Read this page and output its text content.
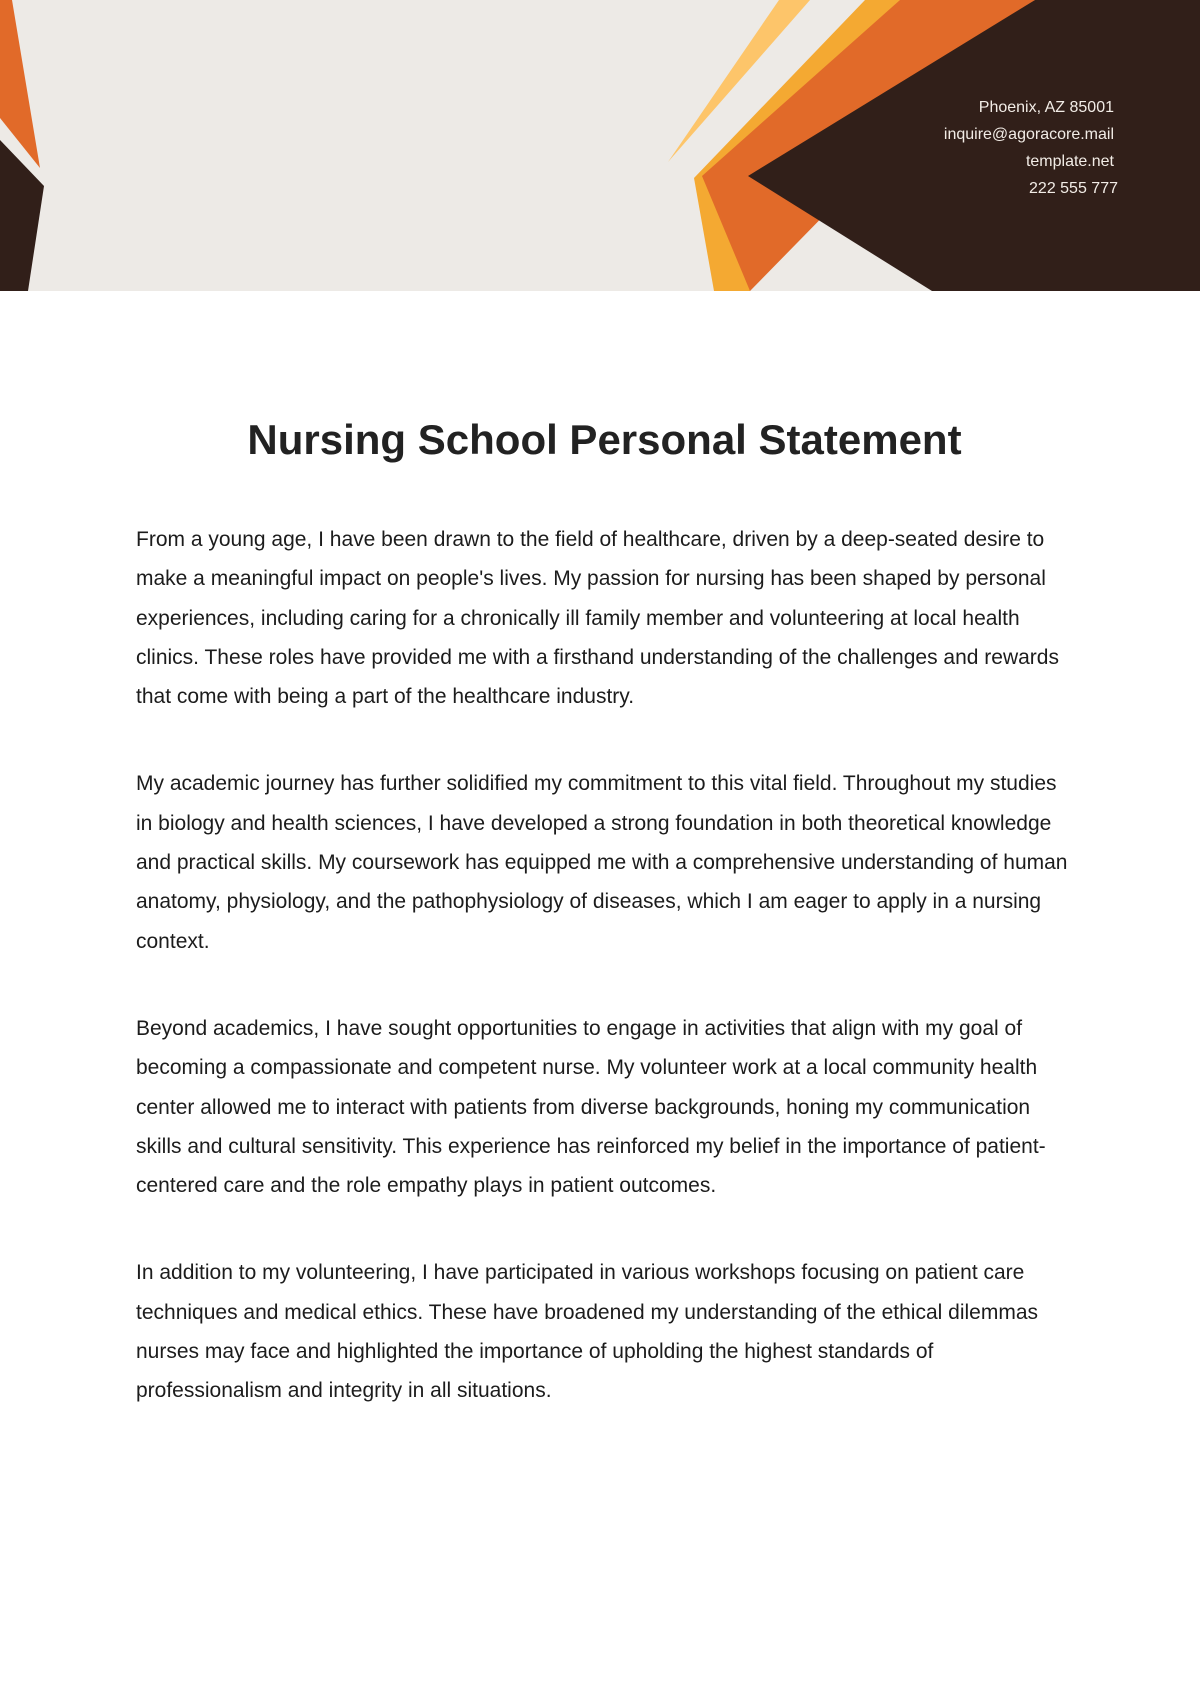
Phoenix, AZ 85001
inquire@agoracore.mail
template.net
222 555 777
Nursing School Personal Statement

From a young age, I have been drawn to the field of healthcare, driven by a deep-seated desire to make a meaningful impact on people's lives. My passion for nursing has been shaped by personal experiences, including caring for a chronically ill family member and volunteering at local health clinics. These roles have provided me with a firsthand understanding of the challenges and rewards that come with being a part of the healthcare industry.

My academic journey has further solidified my commitment to this vital field. Throughout my studies in biology and health sciences, I have developed a strong foundation in both theoretical knowledge and practical skills. My coursework has equipped me with a comprehensive understanding of human anatomy, physiology, and the pathophysiology of diseases, which I am eager to apply in a nursing context.

Beyond academics, I have sought opportunities to engage in activities that align with my goal of becoming a compassionate and competent nurse. My volunteer work at a local community health center allowed me to interact with patients from diverse backgrounds, honing my communication skills and cultural sensitivity. This experience has reinforced my belief in the importance of patient-centered care and the role empathy plays in patient outcomes.

In addition to my volunteering, I have participated in various workshops focusing on patient care techniques and medical ethics. These have broadened my understanding of the ethical dilemmas nurses may face and highlighted the importance of upholding the highest standards of professionalism and integrity in all situations.
